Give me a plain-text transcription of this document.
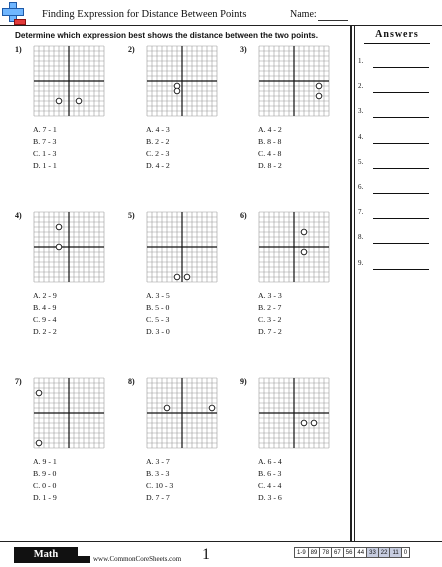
Finding Expression for Distance Between Points	Name:
Determine which expression best shows the distance between the two points.	Answers
1.
2.
3.
4.
5.
6.
7.
8.
9.
1)
A. 7 - 1
B. 7 - 3
C. 1 - 3
D. 1 - 1
2)
A. 4 - 3
B. 2 - 2
C. 2 - 3
D. 4 - 2
3)
A. 4 - 2
B. 8 - 8
C. 4 - 8
D. 8 - 2
4)
A. 2 - 9
B. 4 - 9
C. 9 - 4
D. 2 - 2
5)
A. 3 - 5
B. 5 - 0
C. 5 - 3
D. 3 - 0
6)
A. 3 - 3
B. 2 - 7
C. 3 - 2
D. 7 - 2
7)
A. 9 - 1
B. 9 - 0
C. 0 - 0
D. 1 - 9
8)
A. 3 - 7
B. 3 - 3
C. 10 - 3
D. 7 - 7
9)
A. 6 - 4
B. 6 - 3
C. 4 - 4
D. 3 - 6
Math	www.CommonCoreSheets.com 1	1-9	89	78	67	56	44	33	22	11	0
